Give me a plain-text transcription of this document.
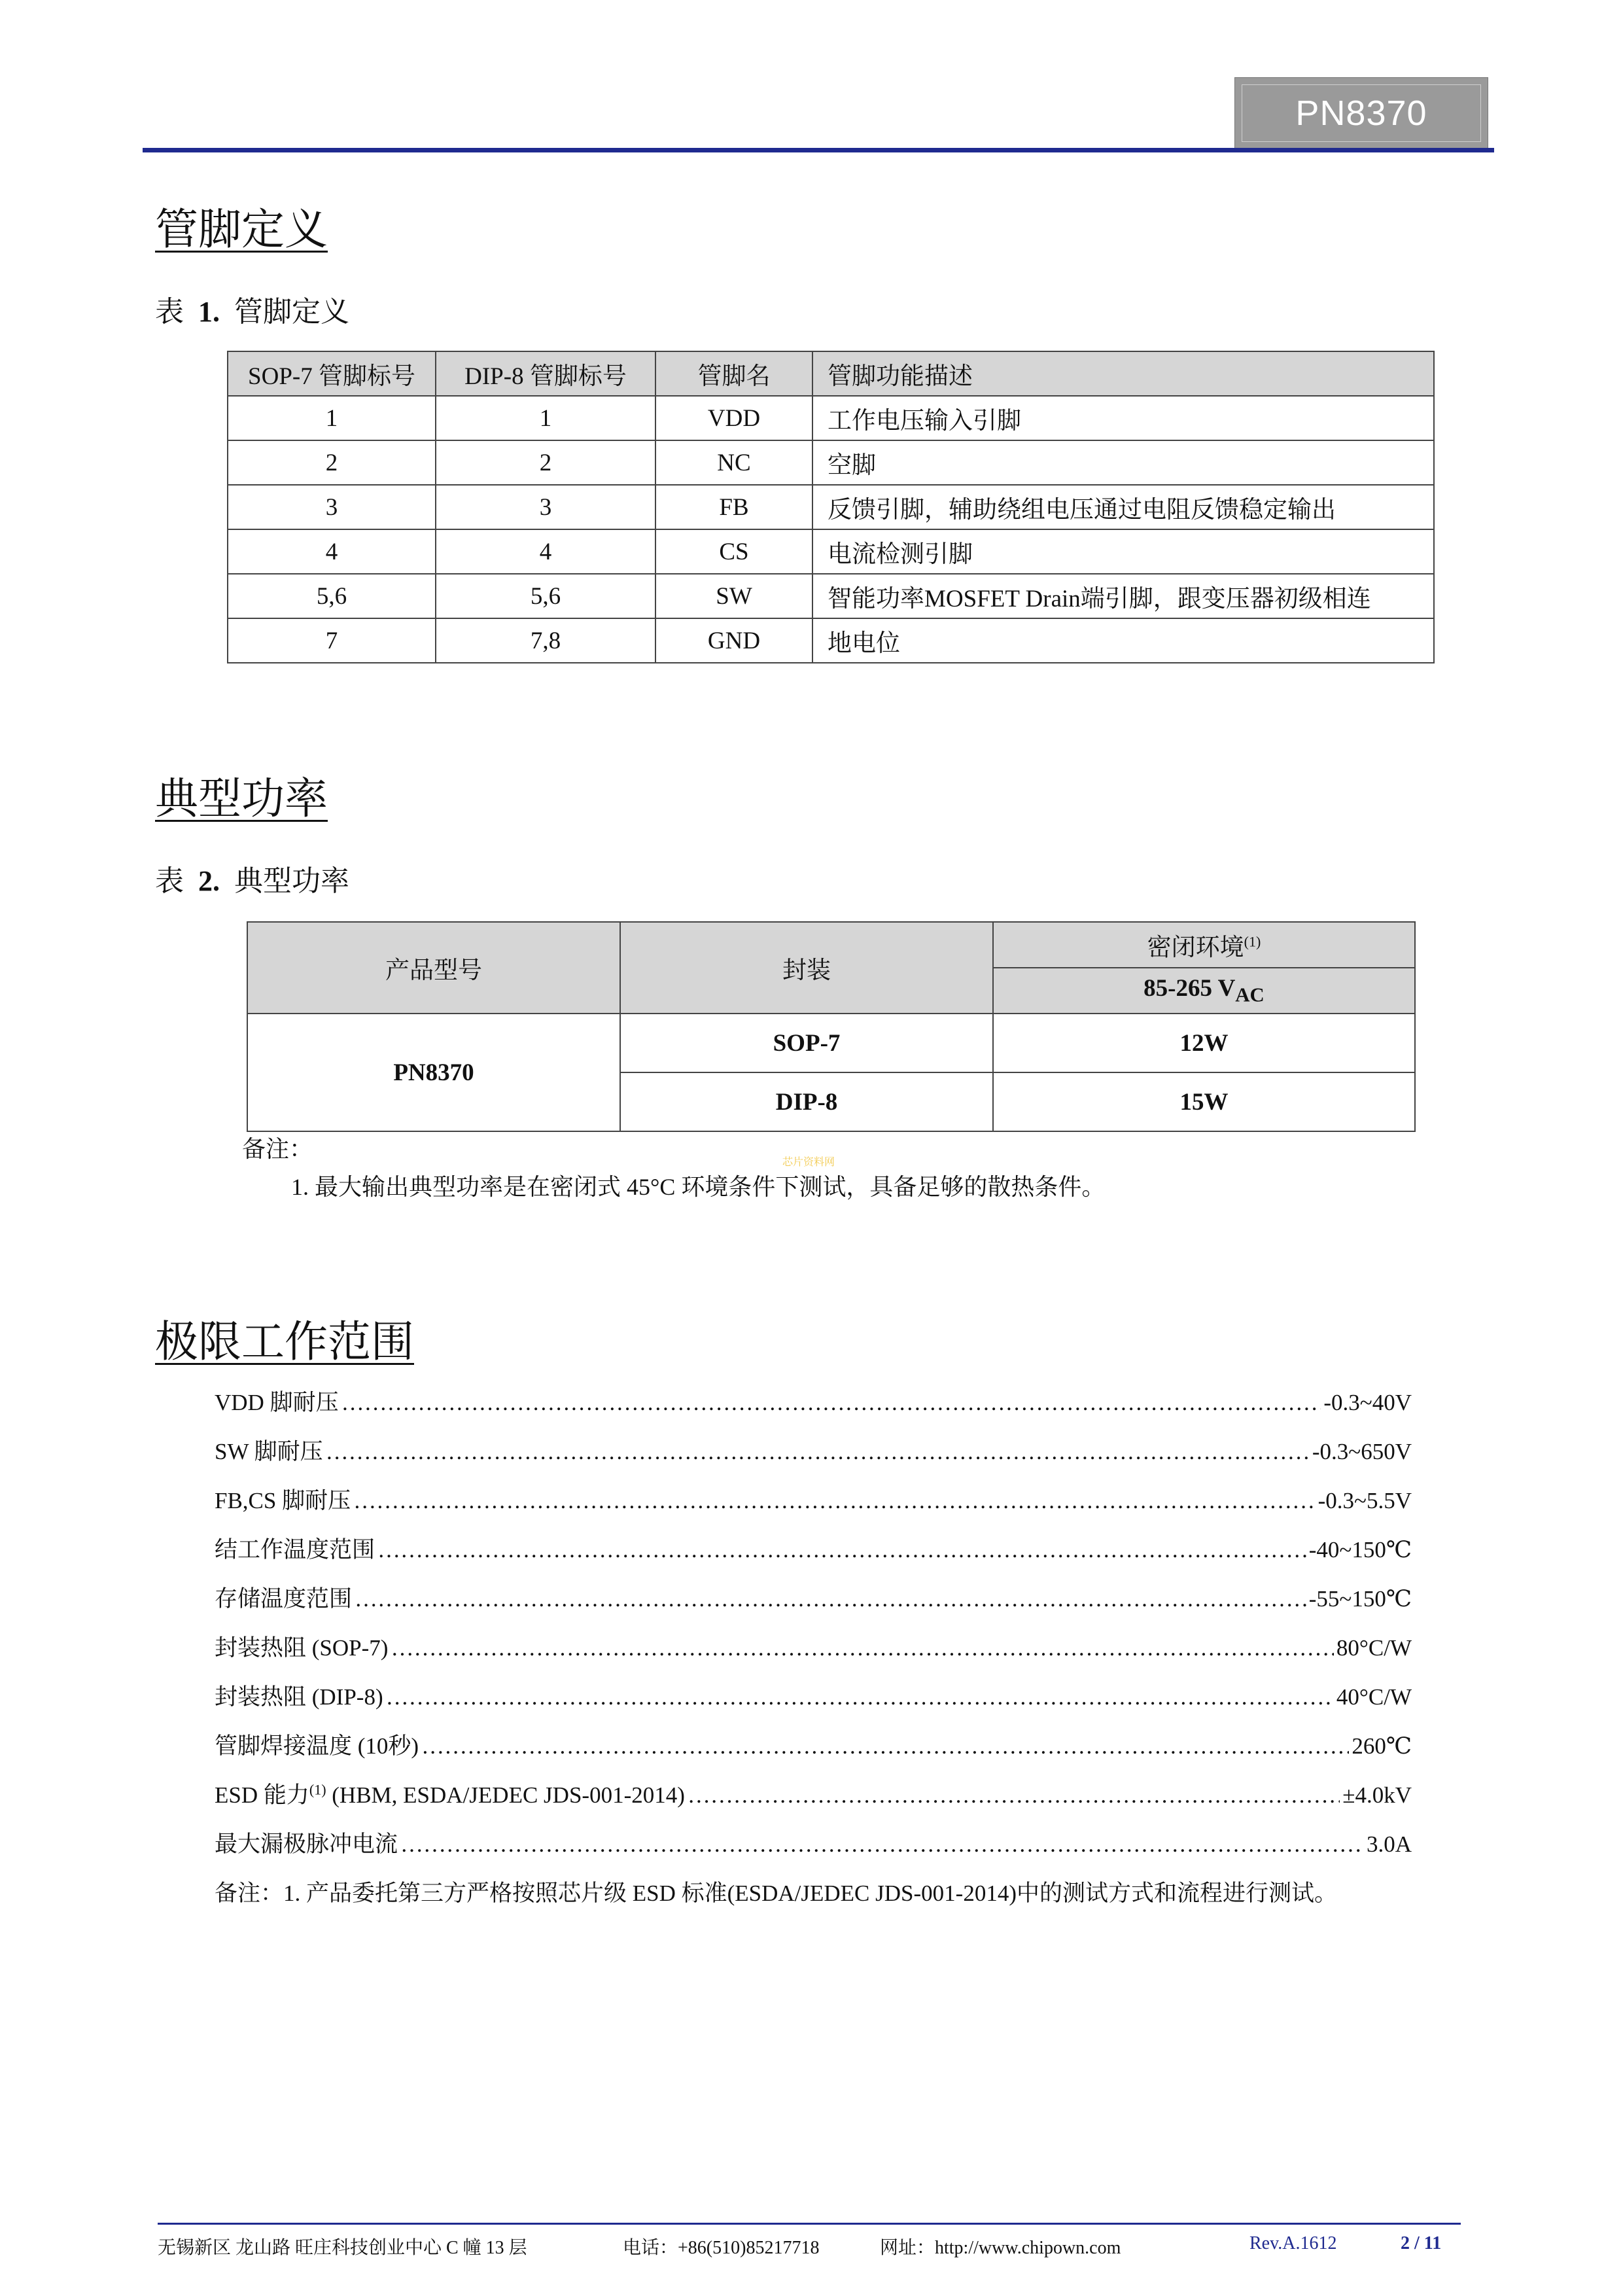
PN8370
管脚定义
表 1. 管脚定义
SOP-7 管脚标号	DIP-8 管脚标号	管脚名	管脚功能描述
1	1	VDD	工作电压输入引脚
2	2	NC	空脚
3	3	FB	反馈引脚，辅助绕组电压通过电阻反馈稳定输出
4	4	CS	电流检测引脚
5,6	5,6	SW	智能功率MOSFET Drain端引脚，跟变压器初级相连
7	7,8	GND	地电位
典型功率
表 2. 典型功率
产品型号	封装	密闭环境$^{(1)}$
		85-265 $V_{AC}$
PN8370	SOP-7	12W
	DIP-8	15W
备注：
芯片资料网
1. 最大输出典型功率是在密闭式 45°C 环境条件下测试，具备足够的散热条件。
极限工作范围
VDD 脚耐压 …………………………………………………………………………………………………………………………………………………………………………………………………………	-0.3~40V
SW 脚耐压 …………………………………………………………………………………………………………………………………………………………………………………………………………	-0.3~650V
FB,CS 脚耐压 …………………………………………………………………………………………………………………………………………………………………………………………………………	-0.3~5.5V
结工作温度范围 …………………………………………………………………………………………………………………………………………………………………………………………………………	-40~150℃
存储温度范围 …………………………………………………………………………………………………………………………………………………………………………………………………………	-55~150℃
封装热阻 (SOP-7) …………………………………………………………………………………………………………………………………………………………………………………………………………	80°C/W
封装热阻 (DIP-8) …………………………………………………………………………………………………………………………………………………………………………………………………………	40°C/W
管脚焊接温度 (10秒) …………………………………………………………………………………………………………………………………………………………………………………………………………	260℃
ESD 能力$^{(1)}$ (HBM, ESDA/JEDEC JDS-001-2014) …………………………………………………………………………………………………………………………………………………………………………………………………………	±4.0kV
最大漏极脉冲电流 …………………………………………………………………………………………………………………………………………………………………………………………………………	3.0A
备注：1. 产品委托第三方严格按照芯片级 ESD 标准(ESDA/JEDEC JDS-001-2014)中的测试方式和流程进行测试。
无锡新区 龙山路 旺庄科技创业中心 C 幢 13 层	电话：+86(510)85217718	网址：http://www.chipown.com	Rev.A.1612	2 / 11
